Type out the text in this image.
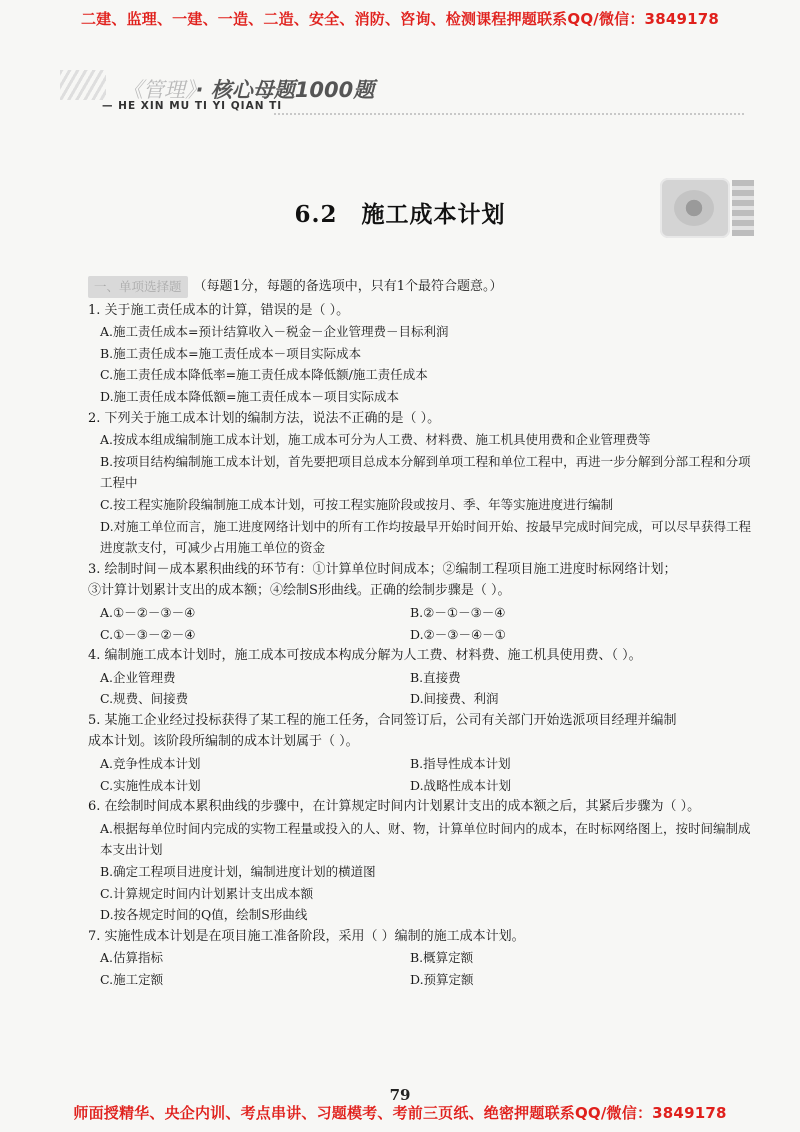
二建、监理、一建、一造、二造、安全、消防、咨询、检测课程押题联系QQ/微信：3849178
《管理》· 核心母题1000题
— HE XIN MU TI YI QIAN TI
6.2　施工成本计划
一、单项选择题 （每题1分，每题的备选项中，只有1个最符合题意。）
1. 关于施工责任成本的计算，错误的是（ ）。
A.施工责任成本=预计结算收入－税金－企业管理费－目标利润
B.施工责任成本=施工责任成本－项目实际成本
C.施工责任成本降低率=施工责任成本降低额/施工责任成本
D.施工责任成本降低额=施工责任成本－项目实际成本
2. 下列关于施工成本计划的编制方法，说法不正确的是（ ）。
A.按成本组成编制施工成本计划，施工成本可分为人工费、材料费、施工机具使用费和企业管理费等
B.按项目结构编制施工成本计划，首先要把项目总成本分解到单项工程和单位工程中，再进一步分解到分部工程和分项工程中
C.按工程实施阶段编制施工成本计划，可按工程实施阶段或按月、季、年等实施进度进行编制
D.对施工单位而言，施工进度网络计划中的所有工作均按最早开始时间开始、按最早完成时间完成，可以尽早获得工程进度款支付，可减少占用施工单位的资金
3. 绘制时间－成本累积曲线的环节有：①计算单位时间成本；②编制工程项目施工进度时标网络计划；
③计算计划累计支出的成本额；④绘制S形曲线。正确的绘制步骤是（ ）。
A.①－②－③－④	B.②－①－③－④
C.①－③－②－④	D.②－③－④－①
4. 编制施工成本计划时，施工成本可按成本构成分解为人工费、材料费、施工机具使用费、（ ）。
A.企业管理费	B.直接费
C.规费、间接费	D.间接费、利润
5. 某施工企业经过投标获得了某工程的施工任务，合同签订后，公司有关部门开始选派项目经理并编制
成本计划。该阶段所编制的成本计划属于（ ）。
A.竞争性成本计划	B.指导性成本计划
C.实施性成本计划	D.战略性成本计划
6. 在绘制时间成本累积曲线的步骤中，在计算规定时间内计划累计支出的成本额之后，其紧后步骤为（ ）。
A.根据每单位时间内完成的实物工程量或投入的人、财、物，计算单位时间内的成本，在时标网络图上，按时间编制成本支出计划
B.确定工程项目进度计划，编制进度计划的横道图
C.计算规定时间内计划累计支出成本额
D.按各规定时间的Q值，绘制S形曲线
7. 实施性成本计划是在项目施工准备阶段，采用（ ）编制的施工成本计划。
A.估算指标	B.概算定额
C.施工定额	D.预算定额
79
师面授精华、央企内训、考点串讲、习题模考、考前三页纸、绝密押题联系QQ/微信：3849178
